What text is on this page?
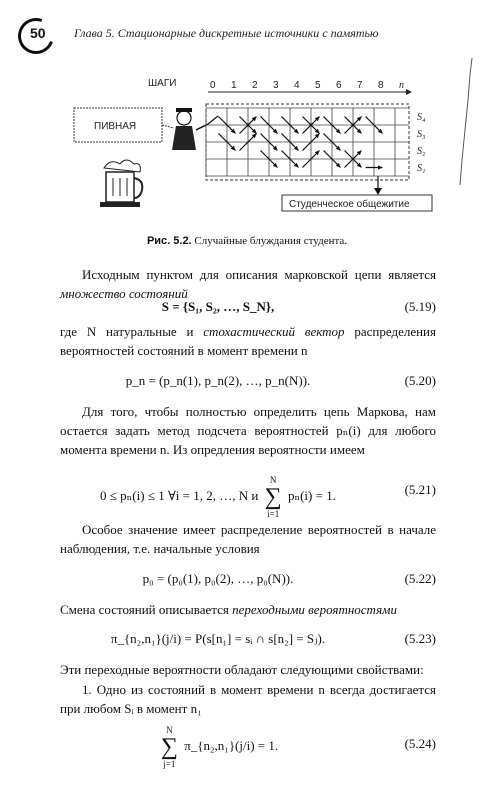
50 Глава 5. Стационарные дискретные источники с памятью
ШАГИ	0 1 2 3 4 5 6 7 8 n
ПИВНАЯ
S₄
S₃
S₂
S₁
Студенческое общежитие
Рис. 5.2. Случайные блуждания студента.
Исходным пунктом для описания марковской цепи является множество состояний
S = {S₁, S₂, …, S_N},	(5.19)
где N натуральные и стохастический вектор распределения вероятностей состояний в момент времени n
p_n = (p_n(1), p_n(2), …, p_n(N)).	(5.20)
Для того, чтобы полностью определить цепь Маркова, нам остается задать метод подсчета вероятностей pₙ(i) для любого момента времени n. Из опредления вероятности имеем
0 ≤ pₙ(i) ≤ 1 ∀i = 1, 2, …, N и
N
∑
i=1
pₙ(i) = 1.	(5.21)
Особое значение имеет распределение вероятностей в начале наблюдения, т.е. начальные условия
p₀ = (p₀(1), p₀(2), …, p₀(N)).	(5.22)
Смена состояний описывается переходными вероятностями
π_{n₂,n₁}(j/i) = P(s[n₁] = sᵢ ∩ s[n₂] = Sⱼ).	(5.23)
Эти переходные вероятности обладают следующими свойствами:
1. Одно из состояний в момент времени n всегда достигается при любом Sᵢ в момент n₁
N
∑
j=1
π_{n₂,n₁}(j/i) = 1.	(5.24)
